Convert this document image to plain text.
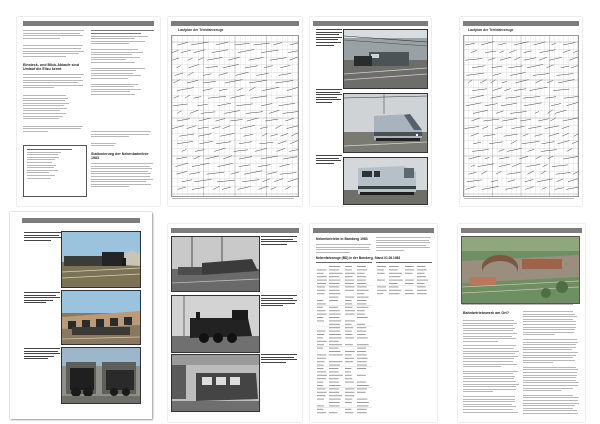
Einsteck- und Blick-Ablaufe sind Umlauf die Eilzu kennt
Stationierung der Nebenbahnlinie 1983
Laufplan der Triebfahrzeuge	Laufplan der Triebfahrzeuge
Nebenbetriebe in Bamberg 1983
Nebenfahrzeuge (BD) in der Bamberg, Stand 01.06.1983
Bahnbetriebswerk am Ort?
